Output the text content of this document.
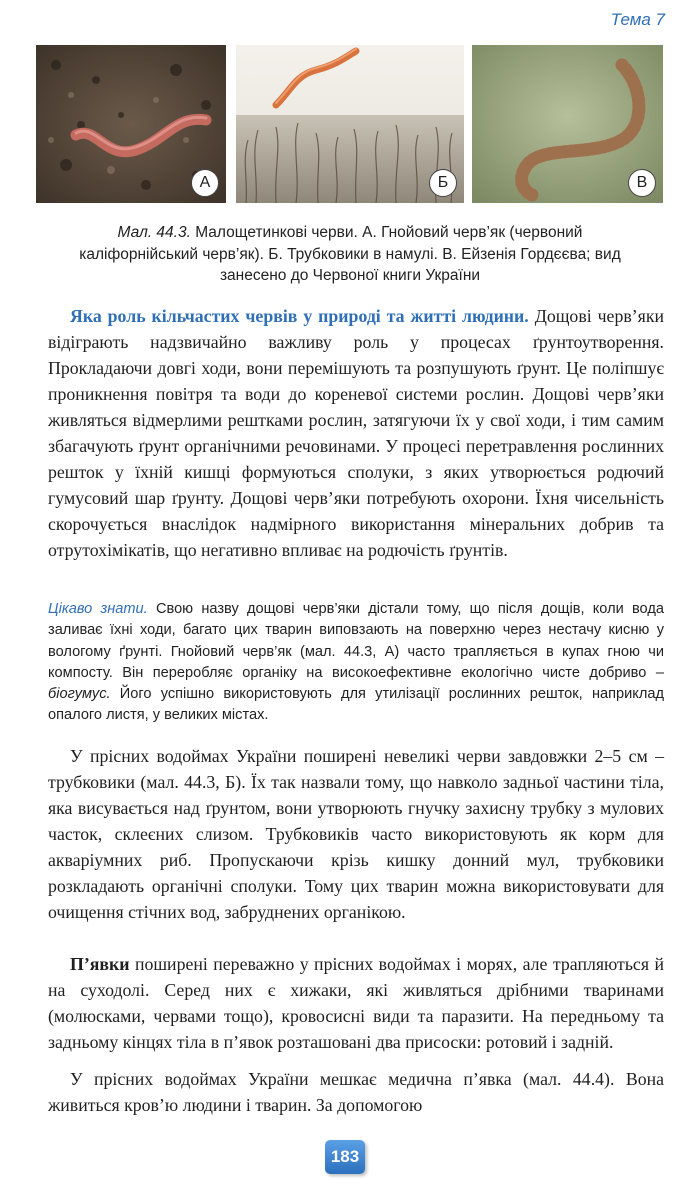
Тема 7
А	Б	В
Мал. 44.3. Малощетинкові черви. А. Гнойовий черв’як (червоний каліфорнійський черв’як). Б. Трубковики в намулі. В. Ейзенія Гордєєва; вид занесено до Червоної книги України

Яка роль кільчастих червів у природі та житті людини. Дощові черв’яки відіграють надзвичайно важливу роль у процесах ґрунтоутворення. Прокладаючи довгі ходи, вони перемішують та розпушують ґрунт. Це поліпшує проникнення повітря та води до кореневої системи рослин. Дощові черв’яки живляться відмерлими рештками рослин, затягуючи їх у свої ходи, і тим самим збагачують ґрунт органічними речовинами. У процесі перетравлення рослинних решток у їхній кишці формуються сполуки, з яких утворюється родючий гумусовий шар ґрунту. Дощові черв’яки потребують охорони. Їхня чисельність скорочується внаслідок надмірного використання мінеральних добрив та отрутохімікатів, що негативно впливає на родючість ґрунтів.

Цікаво знати. Свою назву дощові черв’яки дістали тому, що після дощів, коли вода заливає їхні ходи, багато цих тварин виповзають на поверхню через нестачу кисню у вологому ґрунті. Гнойовий черв’як (мал. 44.3, А) часто трапляється в купах гною чи компосту. Він переробляє органіку на високоефективне екологічно чисте добриво – біогумус. Його успішно використовують для утилізації рослинних решток, наприклад опалого листя, у великих містах.

У прісних водоймах України поширені невеликі черви завдовжки 2–5 см – трубковики (мал. 44.3, Б). Їх так назвали тому, що навколо задньої частини тіла, яка висувається над ґрунтом, вони утворюють гнучку захисну трубку з мулових часток, склеєних слизом. Трубковиків часто використовують як корм для акваріумних риб. Пропускаючи крізь кишку донний мул, трубковики розкладають органічні сполуки. Тому цих тварин можна використовувати для очищення стічних вод, забруднених органікою.

П’явки поширені переважно у прісних водоймах і морях, але трапляються й на суходолі. Серед них є хижаки, які живляться дрібними тваринами (молюсками, червами тощо), кровосисні види та паразити. На передньому та задньому кінцях тіла в п’явок розташовані два присоски: ротовий і задній.

У прісних водоймах України мешкає медична п’явка (мал. 44.4). Вона живиться кров’ю людини і тварин. За допомогою

183
